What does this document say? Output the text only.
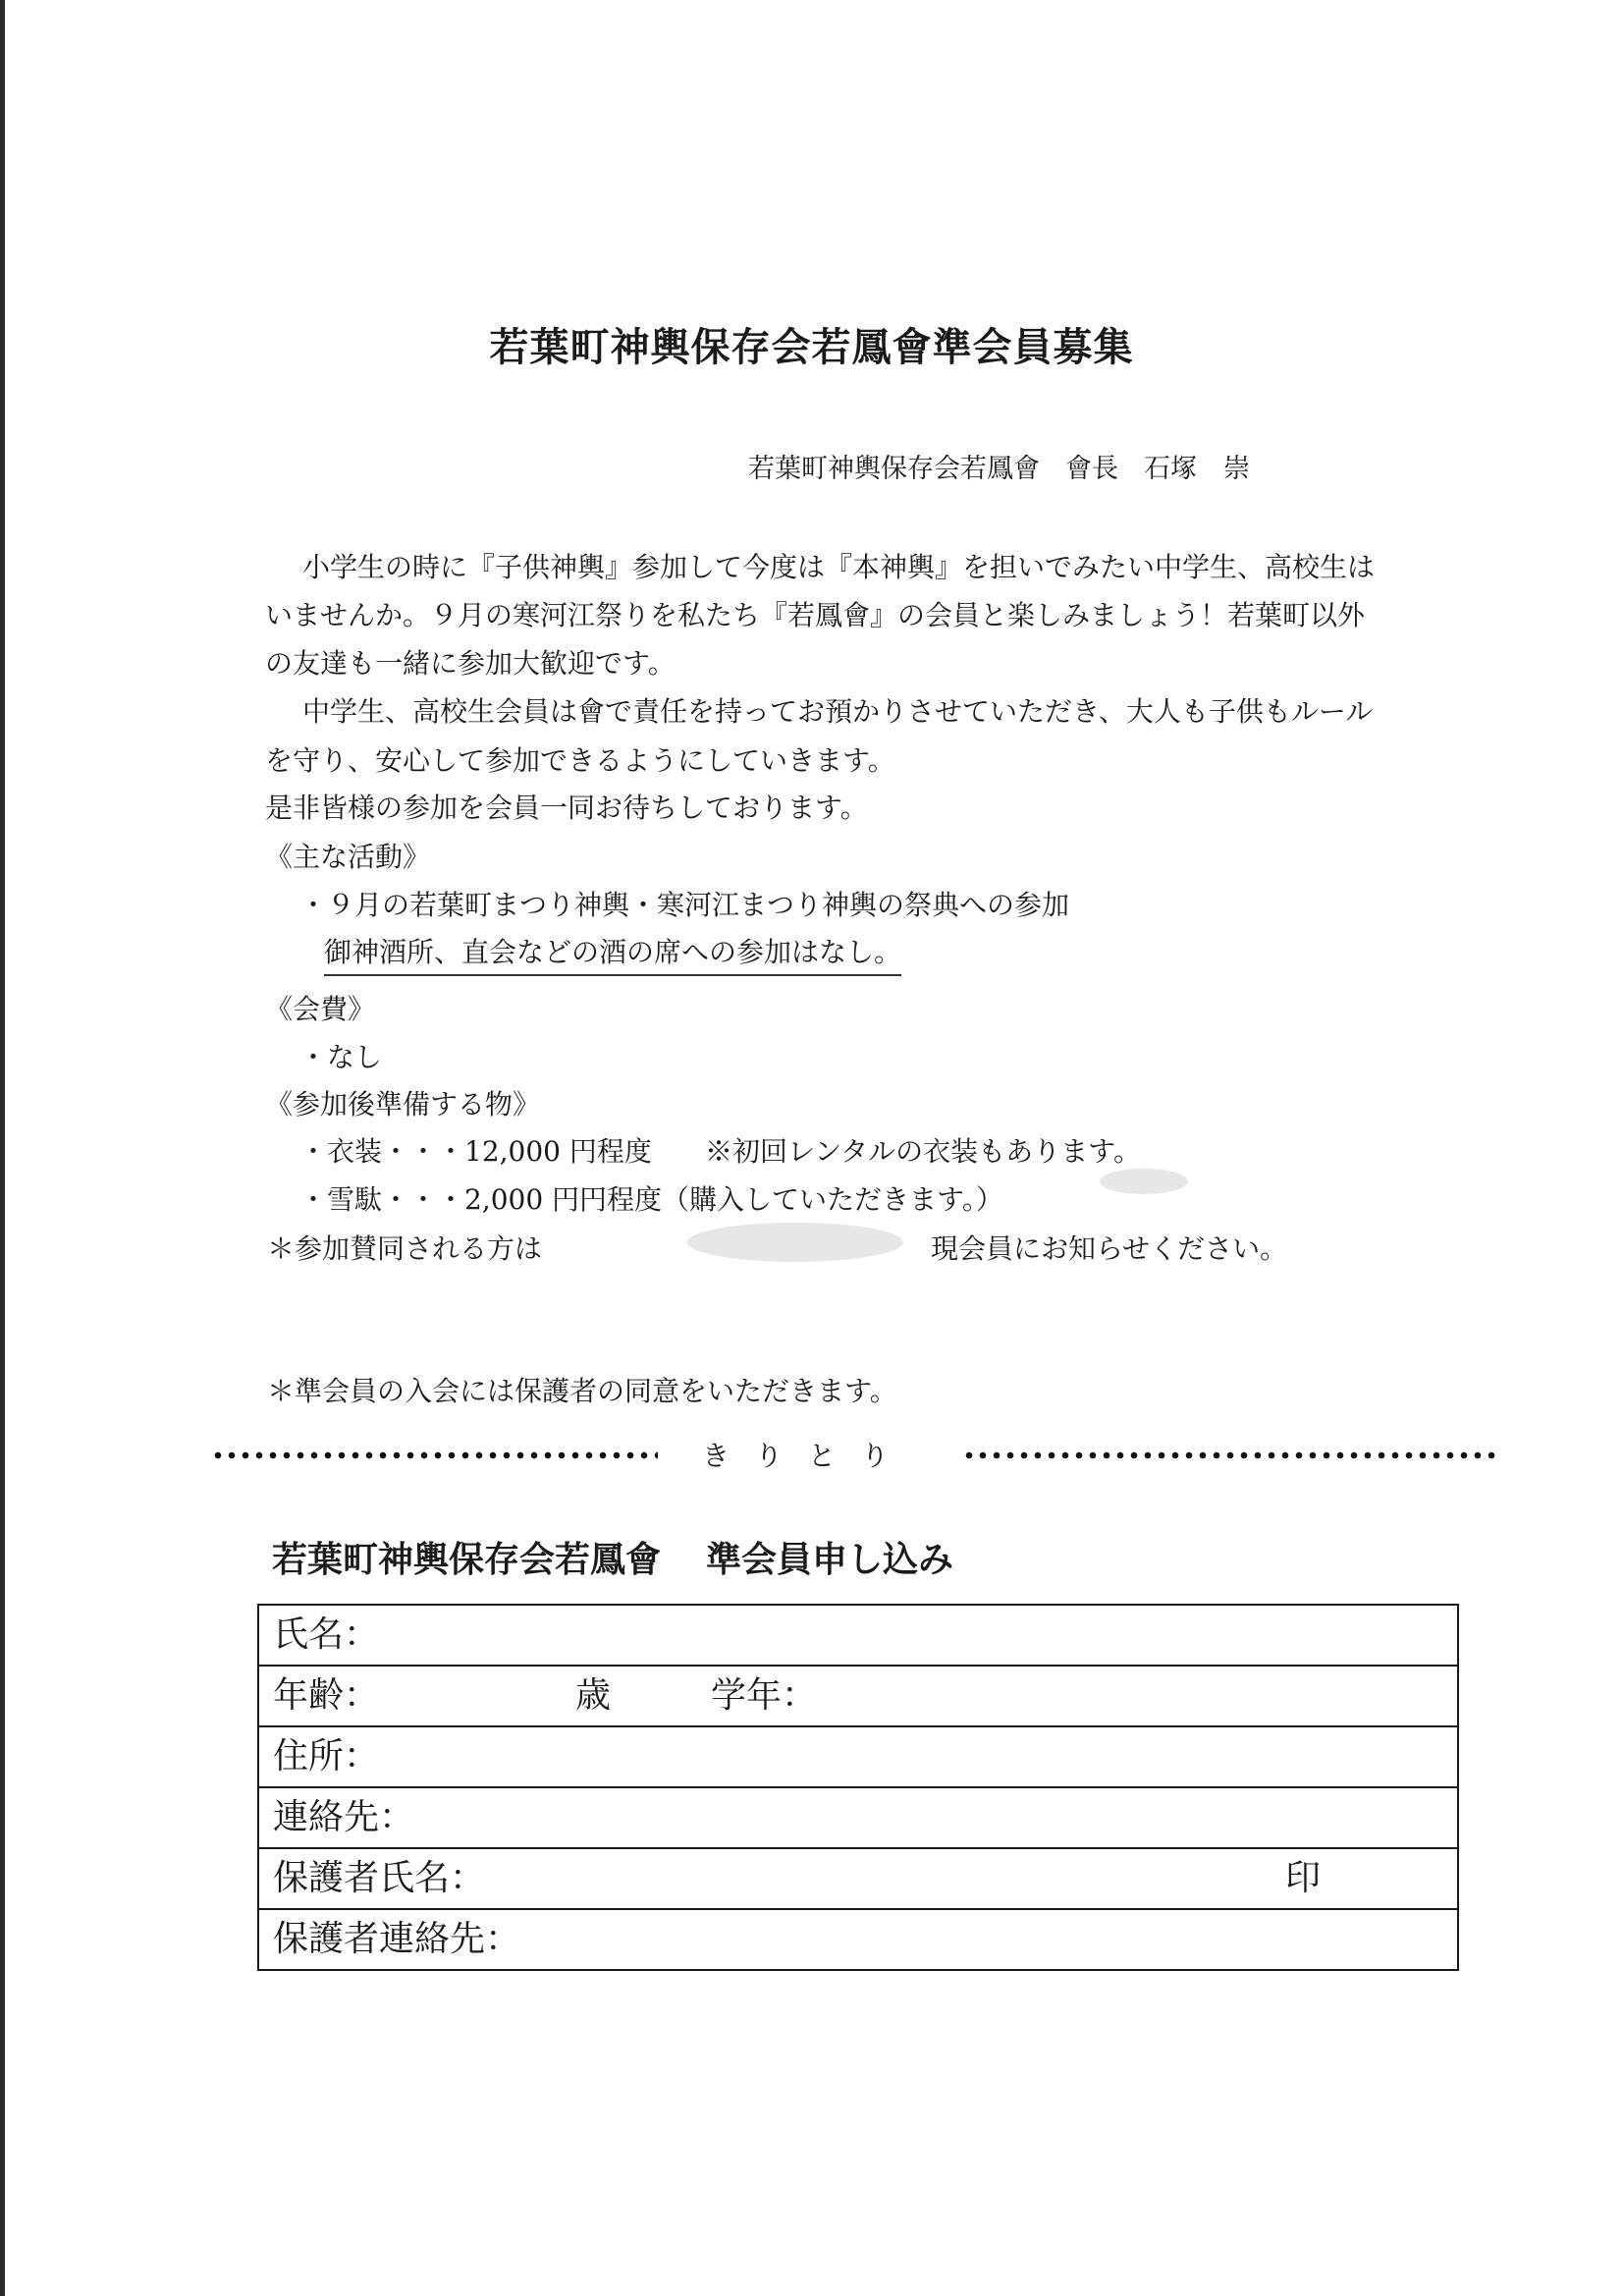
若葉町神輿保存会若鳳會準会員募集
若葉町神輿保存会若鳳會 會長 石塚　崇
　小学生の時に『子供神輿』参加して今度は『本神輿』を担いでみたい中学生、高校生は
いませんか。９月の寒河江祭りを私たち『若鳳會』の会員と楽しみましょう！若葉町以外
の友達も一緒に参加大歓迎です。
　中学生、高校生会員は會で責任を持ってお預かりさせていただき、大人も子供もルール
を守り、安心して参加できるようにしていきます。
是非皆様の参加を会員一同お待ちしております。
《主な活動》
・９月の若葉町まつり神輿・寒河江まつり神輿の祭典への参加
御神酒所、直会などの酒の席への参加はなし。
《会費》
・なし
《参加後準備する物》
・衣装・・・12,000 円程度 ※初回レンタルの衣装もあります。
・雪駄・・・2,000 円円程度（購入していただきます。）
＊参加賛同される方は	現会員にお知らせください。
＊準会員の入会には保護者の同意をいただきます。
きりとり
若葉町神輿保存会若鳳會 準会員申し込み
氏名：
年齢：	歳	学年：
住所：
連絡先：
保護者氏名：	印
保護者連絡先：
